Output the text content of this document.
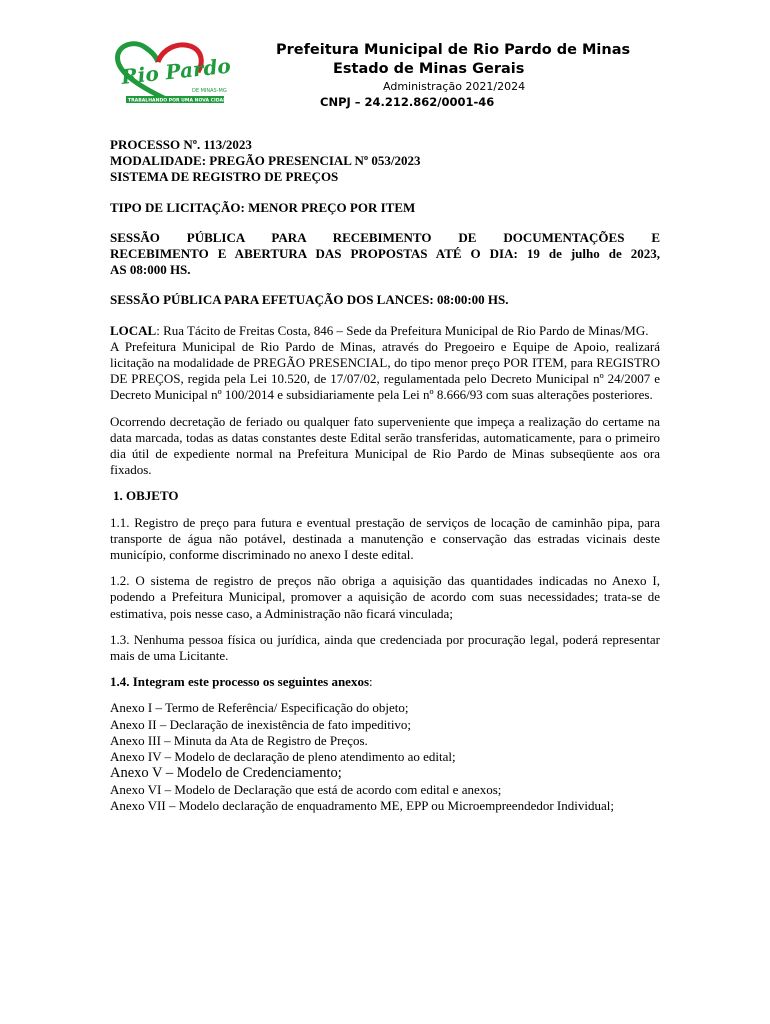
Rio Pardo
DE MINAS-MG
TRABALHANDO POR UMA NOVA CIDADE
Prefeitura Municipal de Rio Pardo de Minas
Estado de Minas Gerais
Administração 2021/2024
CNPJ – 24.212.862/0001-46

PROCESSO Nº. 113/2023

MODALIDADE: PREGÃO PRESENCIAL Nº 053/2023

SISTEMA DE REGISTRO DE PREÇOS

TIPO DE LICITAÇÃO: MENOR PREÇO POR ITEM

SESSÃO PÚBLICA PARA RECEBIMENTO DE DOCUMENTAÇÕES E

RECEBIMENTO E ABERTURA DAS PROPOSTAS ATÉ O DIA: 19 de julho de 2023,

AS 08:000 HS.

SESSÃO PÚBLICA PARA EFETUAÇÃO DOS LANCES: 08:00:00 HS.

LOCAL: Rua Tácito de Freitas Costa, 846 – Sede da Prefeitura Municipal de Rio Pardo de Minas/MG.

A Prefeitura Municipal de Rio Pardo de Minas, através do Pregoeiro e Equipe de Apoio, realizará licitação na modalidade de PREGÃO PRESENCIAL, do tipo menor preço POR ITEM, para REGISTRO DE PREÇOS, regida pela Lei 10.520, de 17/07/02, regulamentada pelo Decreto Municipal nº 24/2007 e Decreto Municipal nº 100/2014 e subsidiariamente pela Lei nº 8.666/93 com suas alterações posteriores.

Ocorrendo decretação de feriado ou qualquer fato superveniente que impeça a realização do certame na data marcada, todas as datas constantes deste Edital serão transferidas, automaticamente, para o primeiro dia útil de expediente normal na Prefeitura Municipal de Rio Pardo de Minas subseqüente aos ora fixados.

1. OBJETO

1.1. Registro de preço para futura e eventual prestação de serviços de locação de caminhão pipa, para transporte de água não potável, destinada a manutenção e conservação das estradas vicinais deste município, conforme discriminado no anexo I deste edital.

1.2. O sistema de registro de preços não obriga a aquisição das quantidades indicadas no Anexo I, podendo a Prefeitura Municipal, promover a aquisição de acordo com suas necessidades; trata-se de estimativa, pois nesse caso, a Administração não ficará vinculada;

1.3. Nenhuma pessoa física ou jurídica, ainda que credenciada por procuração legal, poderá representar mais de uma Licitante.

1.4. Integram este processo os seguintes anexos:

Anexo I – Termo de Referência/ Especificação do objeto;

Anexo II – Declaração de inexistência de fato impeditivo;

Anexo III – Minuta da Ata de Registro de Preços.

Anexo IV – Modelo de declaração de pleno atendimento ao edital;

Anexo V – Modelo de Credenciamento;

Anexo VI – Modelo de Declaração que está de acordo com edital e anexos;

Anexo VII – Modelo declaração de enquadramento ME, EPP ou Microempreendedor Individual;
